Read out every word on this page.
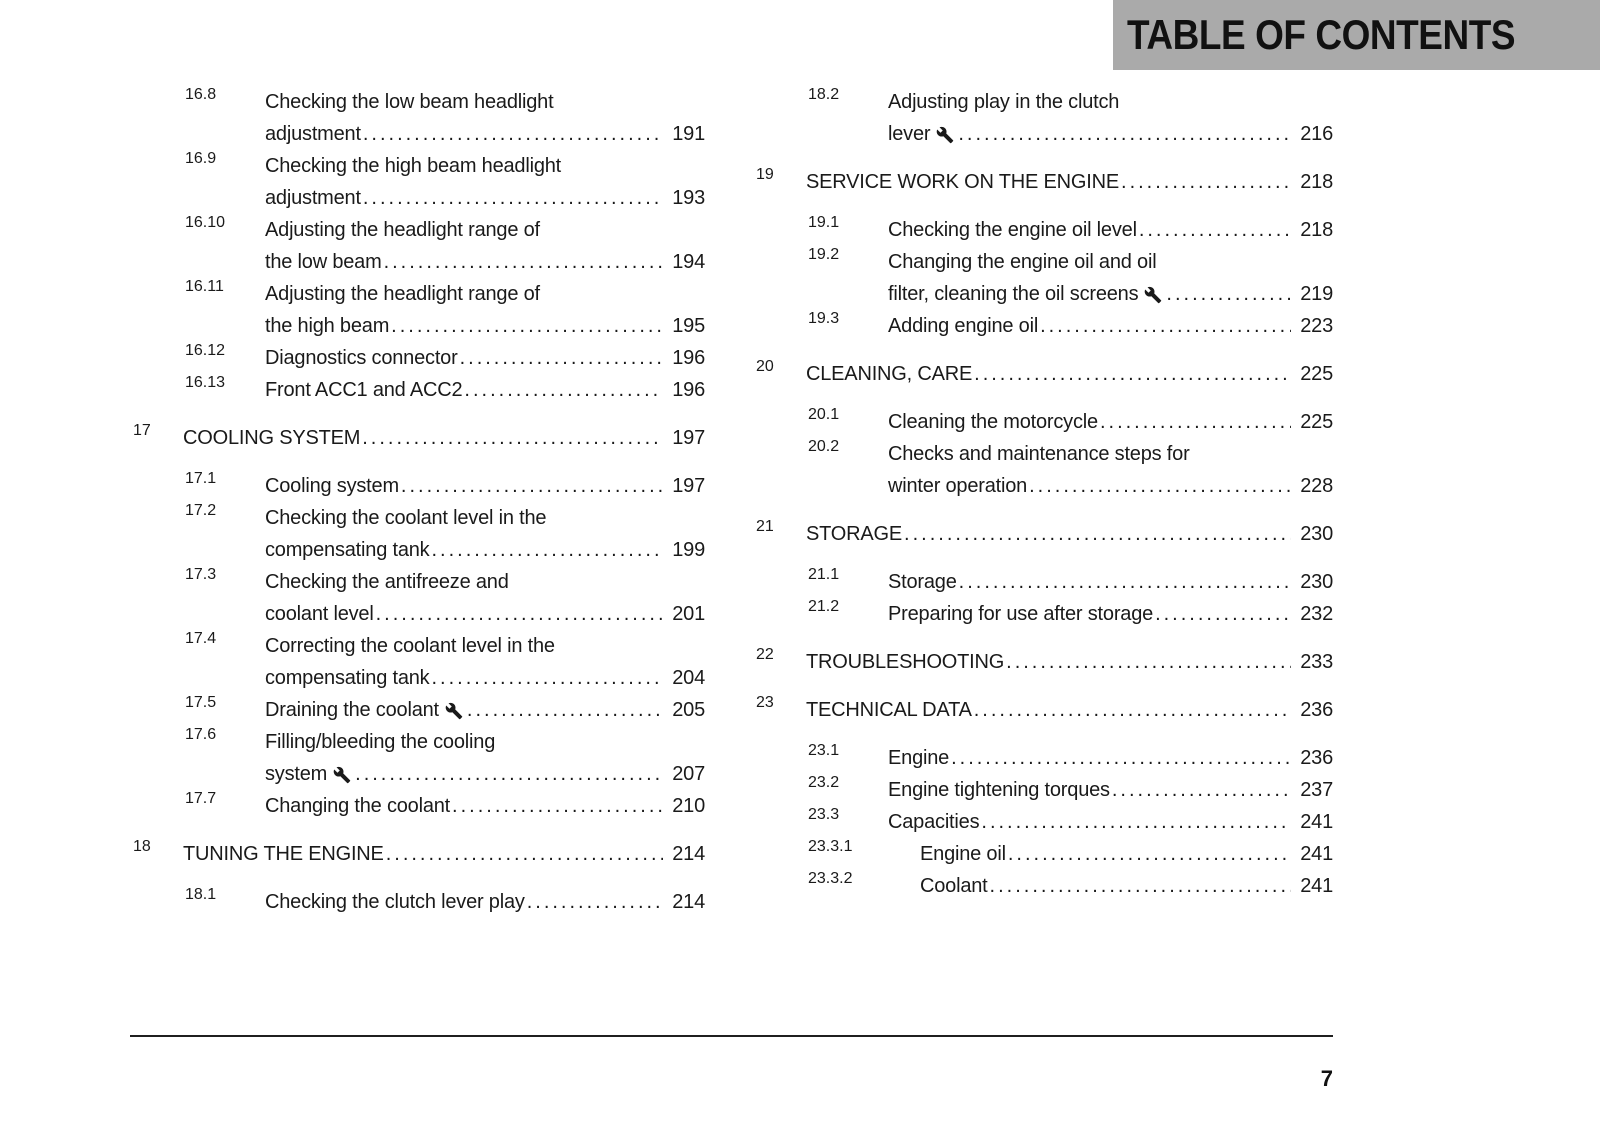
TABLE OF CONTENTS
16.8	Checking the low beam headlight
adjustment .....	191
16.9	Checking the high beam headlight
adjustment .....	193
16.10	Adjusting the headlight range of
the low beam .....	194
16.11	Adjusting the headlight range of
the high beam .....	195
16.12	Diagnostics connector .....	196
16.13	Front ACC1 and ACC2 .....	196
17	COOLING SYSTEM .....	197
17.1	Cooling system .....	197
17.2	Checking the coolant level in the
compensating tank .....	199
17.3	Checking the antifreeze and
coolant level .....	201
17.4	Correcting the coolant level in the
compensating tank .....	204
17.5	Draining the coolant .....	205
17.6	Filling/bleeding the cooling
system .....	207
17.7	Changing the coolant .....	210
18	TUNING THE ENGINE .....	214
18.1	Checking the clutch lever play .....	214
18.2	Adjusting play in the clutch
lever .....	216
19	SERVICE WORK ON THE ENGINE .....	218
19.1	Checking the engine oil level .....	218
19.2	Changing the engine oil and oil
filter, cleaning the oil screens .....	219
19.3	Adding engine oil .....	223
20	CLEANING, CARE .....	225
20.1	Cleaning the motorcycle .....	225
20.2	Checks and maintenance steps for
winter operation .....	228
21	STORAGE .....	230
21.1	Storage .....	230
21.2	Preparing for use after storage .....	232
22	TROUBLESHOOTING .....	233
23	TECHNICAL DATA .....	236
23.1	Engine .....	236
23.2	Engine tightening torques .....	237
23.3	Capacities .....	241
23.3.1	Engine oil .....	241
23.3.2	Coolant .....	241
7
